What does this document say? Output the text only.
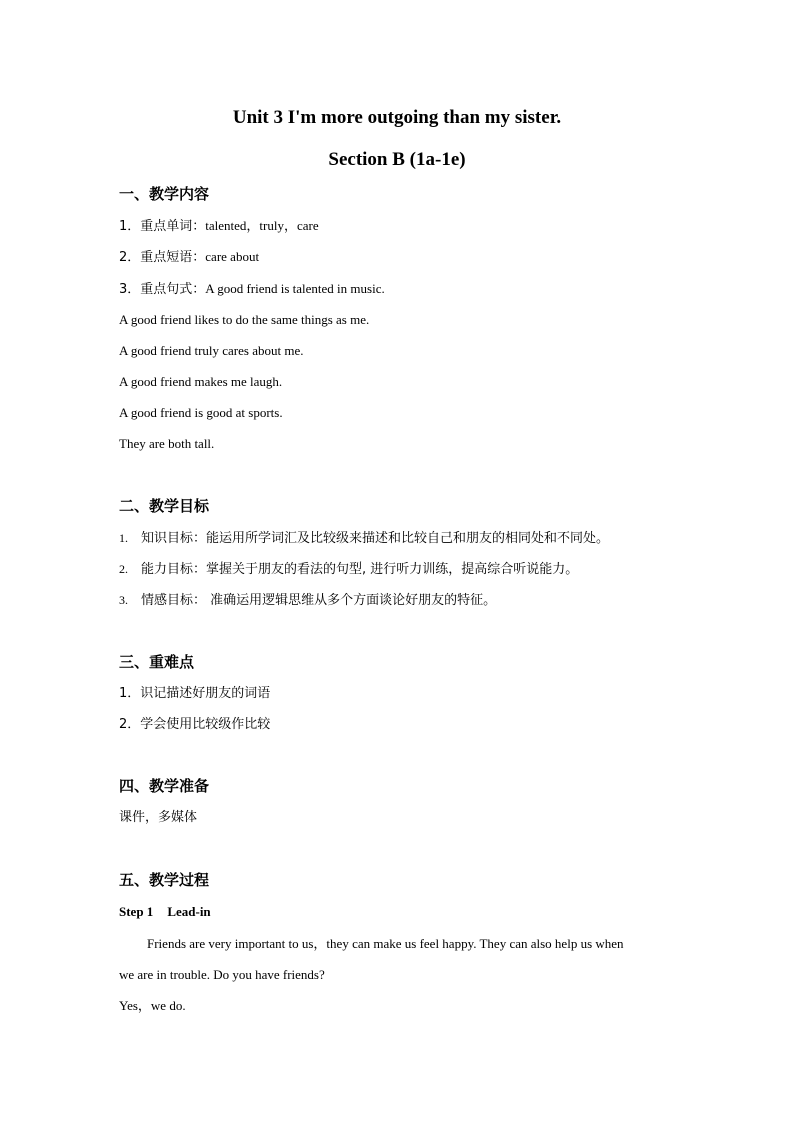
Unit 3 I'm more outgoing than my sister.
Section B (1a-1e)
一、教学内容
1．重点单词：talented，truly，care
2．重点短语：care about
3．重点句式：A good friend is talented in music.
A good friend likes to do the same things as me.
A good friend truly cares about me.
A good friend makes me laugh.
A good friend is good at sports.
They are both tall.
二、教学目标
1. 知识目标：能运用所学词汇及比较级来描述和比较自己和朋友的相同处和不同处。
2. 能力目标：掌握关于朋友的看法的句型, 进行听力训练，提高综合听说能力。
3. 情感目标： 准确运用逻辑思维从多个方面谈论好朋友的特征。
三、重难点
1．识记描述好朋友的词语
2．学会使用比较级作比较
四、教学准备
课件，多媒体
五、教学过程
Step 1 Lead-in
Friends are very important to us，they can make us feel happy. They can also help us when
we are in trouble. Do you have friends?
Yes，we do.
